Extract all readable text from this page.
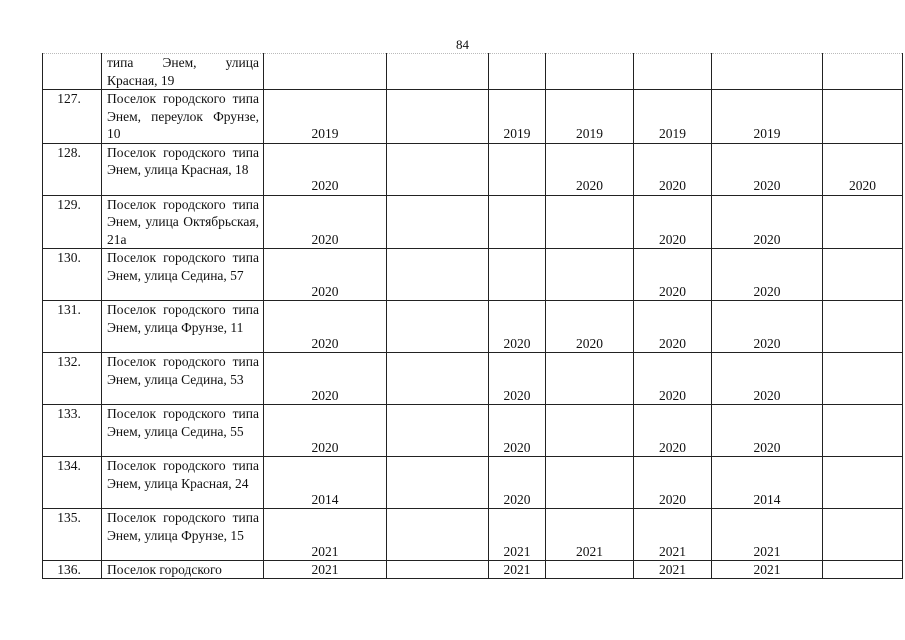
84
	типа Энем, улица Красная, 19							
127.	Поселок городского типа Энем, переулок Фрунзе, 10	2019		2019	2019	2019	2019	
128.	Поселок городского типа Энем, улица Красная, 18	2020			2020	2020	2020	2020
129.	Поселок городского типа Энем, улица Октябрьская, 21а	2020				2020	2020	
130.	Поселок городского типа Энем, улица Седина, 57	2020				2020	2020	
131.	Поселок городского типа Энем, улица Фрунзе, 11	2020		2020	2020	2020	2020	
132.	Поселок городского типа Энем, улица Седина, 53	2020		2020		2020	2020	
133.	Поселок городского типа Энем, улица Седина, 55	2020		2020		2020	2020	
134.	Поселок городского типа Энем, улица Красная, 24	2014		2020		2020	2014	
135.	Поселок городского типа Энем, улица Фрунзе, 15	2021		2021	2021	2021	2021	
136.	Поселок городского	2021		2021		2021	2021	
